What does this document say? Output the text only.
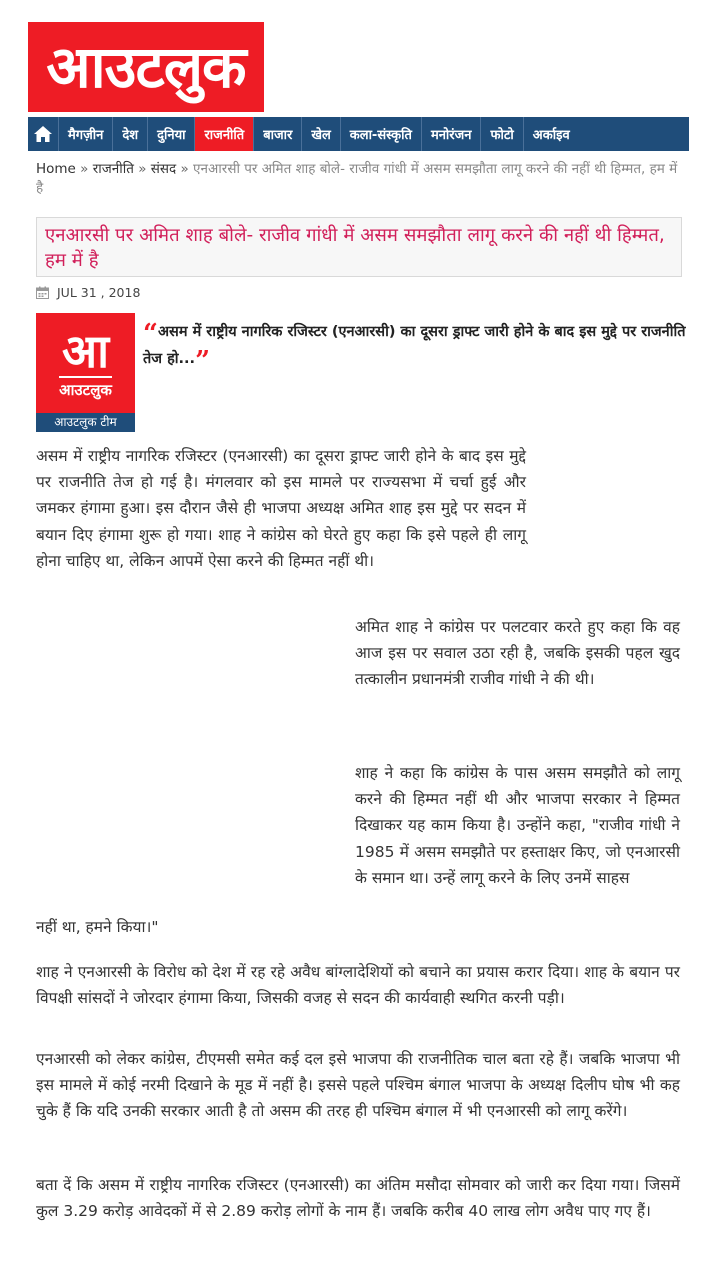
आउटलुक
मैगज़ीन	देश	दुनिया	राजनीति	बाजार	खेल	कला-संस्कृति	मनोरंजन	फोटो	अर्काइव
Home » राजनीति » संसद » एनआरसी पर अमित शाह बोले- राजीव गांधी में असम समझौता लागू करने की नहीं थी हिम्मत, हम में है
एनआरसी पर अमित शाह बोले- राजीव गांधी में असम समझौता लागू करने की नहीं थी हिम्मत, हम में है
JUL 31 , 2018
आ
आउटलुक
आउटलुक टीम
“असम में राष्ट्रीय नागरिक रजिस्टर (एनआरसी) का दूसरा ड्राफ्ट जारी होने के बाद इस मुद्दे पर राजनीति तेज हो...”
असम में राष्ट्रीय नागरिक रजिस्टर (एनआरसी) का दूसरा ड्राफ्ट जारी होने के बाद इस मुद्दे पर राजनीति तेज हो गई है। मंगलवार को इस मामले पर राज्यसभा में चर्चा हुई और जमकर हंगामा हुआ। इस दौरान जैसे ही भाजपा अध्यक्ष अमित शाह इस मुद्दे पर सदन में बयान दिए हंगामा शुरू हो गया। शाह ने कांग्रेस को घेरते हुए कहा कि इसे पहले ही लागू होना चाहिए था, लेकिन आपमें ऐसा करने की हिम्मत नहीं थी।
अमित शाह ने कांग्रेस पर पलटवार करते हुए कहा कि वह आज इस पर सवाल उठा रही है, जबकि इसकी पहल खुद तत्कालीन प्रधानमंत्री राजीव गांधी ने की थी।
शाह ने कहा कि कांग्रेस के पास असम समझौते को लागू करने की हिम्मत नहीं थी और भाजपा सरकार ने हिम्मत दिखाकर यह काम किया है। उन्होंने कहा, "राजीव गांधी ने 1985 में असम समझौते पर हस्ताक्षर किए, जो एनआरसी के समान था। उन्हें लागू करने के लिए उनमें साहस
नहीं था, हमने किया।"
शाह ने एनआरसी के विरोध को देश में रह रहे अवैध बांग्लादेशियों को बचाने का प्रयास करार दिया। शाह के बयान पर विपक्षी सांसदों ने जोरदार हंगामा किया, जिसकी वजह से सदन की कार्यवाही स्थगित करनी पड़ी।
एनआरसी को लेकर कांग्रेस, टीएमसी समेत कई दल इसे भाजपा की राजनीतिक चाल बता रहे हैं। जबकि भाजपा भी इस मामले में कोई नरमी दिखाने के मूड में नहीं है। इससे पहले पश्चिम बंगाल भाजपा के अध्यक्ष दिलीप घोष भी कह चुके हैं कि यदि उनकी सरकार आती है तो असम की तरह ही पश्चिम बंगाल में भी एनआरसी को लागू करेंगे।
बता दें कि असम में राष्ट्रीय नागरिक रजिस्टर (एनआरसी) का अंतिम मसौदा सोमवार को जारी कर दिया गया। जिसमें कुल 3.29 करोड़ आवेदकों में से 2.89 करोड़ लोगों के नाम हैं। जबकि करीब 40 लाख लोग अवैध पाए गए हैं।
